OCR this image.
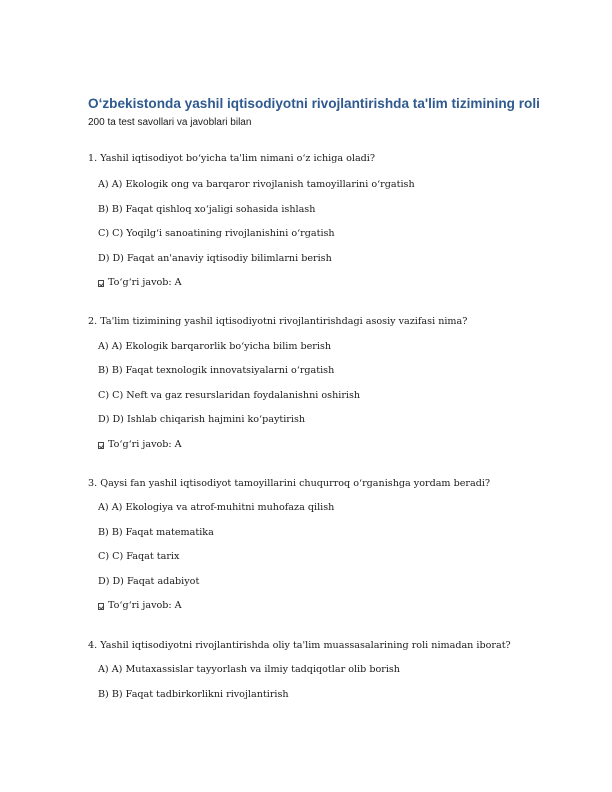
O‘zbekistonda yashil iqtisodiyotni rivojlantirishda ta'lim tizimining roli
200 ta test savollari va javoblari bilan
1. Yashil iqtisodiyot bo‘yicha ta'lim nimani o‘z ichiga oladi?
A) A) Ekologik ong va barqaror rivojlanish tamoyillarini o‘rgatish
B) B) Faqat qishloq xo‘jaligi sohasida ishlash
C) C) Yoqilg‘i sanoatining rivojlanishini o‘rgatish
D) D) Faqat an'anaviy iqtisodiy bilimlarni berish
To‘g‘ri javob: A
2. Ta'lim tizimining yashil iqtisodiyotni rivojlantirishdagi asosiy vazifasi nima?
A) A) Ekologik barqarorlik bo‘yicha bilim berish
B) B) Faqat texnologik innovatsiyalarni o‘rgatish
C) C) Neft va gaz resurslaridan foydalanishni oshirish
D) D) Ishlab chiqarish hajmini ko‘paytirish
To‘g‘ri javob: A
3. Qaysi fan yashil iqtisodiyot tamoyillarini chuqurroq o‘rganishga yordam beradi?
A) A) Ekologiya va atrof-muhitni muhofaza qilish
B) B) Faqat matematika
C) C) Faqat tarix
D) D) Faqat adabiyot
To‘g‘ri javob: A
4. Yashil iqtisodiyotni rivojlantirishda oliy ta'lim muassasalarining roli nimadan iborat?
A) A) Mutaxassislar tayyorlash va ilmiy tadqiqotlar olib borish
B) B) Faqat tadbirkorlikni rivojlantirish
